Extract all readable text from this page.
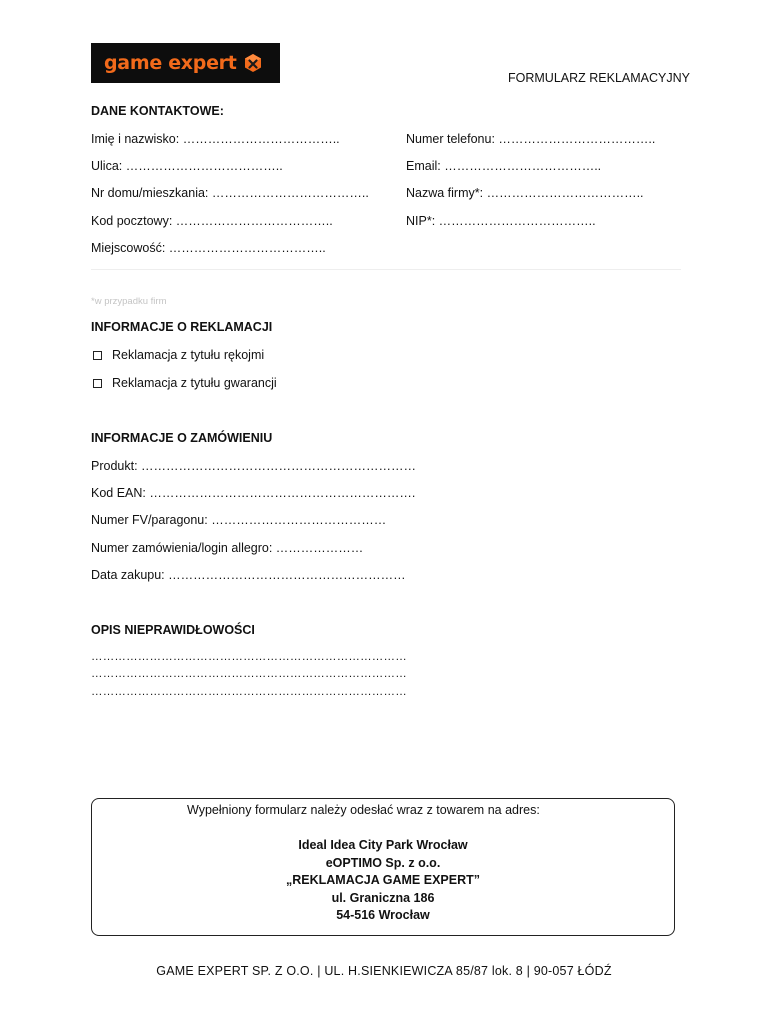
game expert
FORMULARZ REKLAMACYJNY
DANE KONTAKTOWE:
Imię i nazwisko: ………………………………..
Ulica: ………………………………..
Nr domu/mieszkania: ………………………………..
Kod pocztowy: ………………………………..
Miejscowość: ………………………………..
Numer telefonu: ………………………………..
Email: ………………………………..
Nazwa firmy*: ………………………………..
NIP*: ………………………………..
*w przypadku firm
INFORMACJE O REKLAMACJI
Reklamacja z tytułu rękojmi
Reklamacja z tytułu gwarancji
INFORMACJE O ZAMÓWIENIU
Produkt: …………………………………………………………
Kod EAN: ……………………………………………………….
Numer FV/paragonu: ……………………………………
Numer zamówienia/login allegro: …………………
Data zakupu: …………………………………………………
OPIS NIEPRAWIDŁOWOŚCI
………………………………………………………………………
………………………………………………………………………
………………………………………………………………………
Wypełniony formularz należy odesłać wraz z towarem na adres:
Ideal Idea City Park Wrocław
eOPTIMO Sp. z o.o.
„REKLAMACJA GAME EXPERT”
ul. Graniczna 186
54-516 Wrocław
GAME EXPERT SP. Z O.O. | UL. H.SIENKIEWICZA 85/87 lok. 8 | 90-057 ŁÓDŹ
